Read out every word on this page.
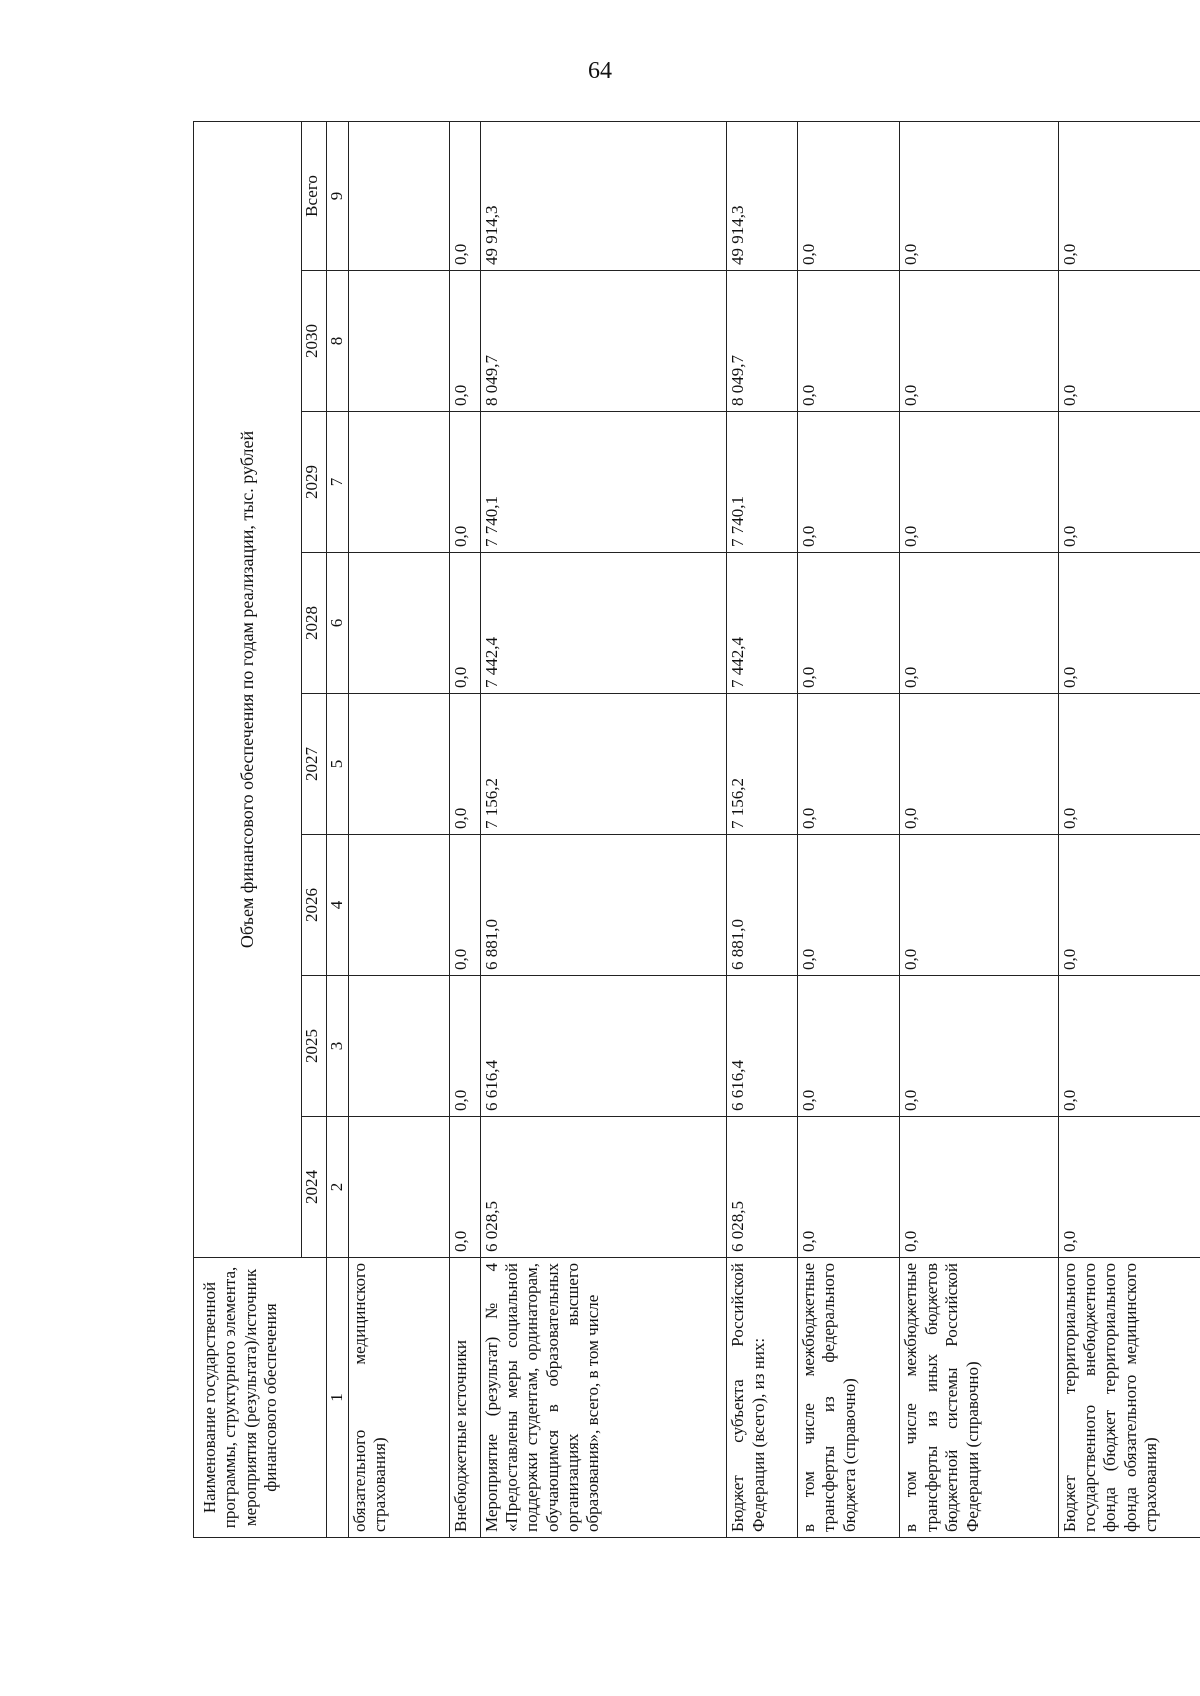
64
Наименование государственной программы, структурного элемента, мероприятия (результата)/источник финансового обеспечения	Объем финансового обеспечения по годам реализации, тыс. рублей							
	2024	2025	2026	2027	2028	2029	2030	Всего
1	2	3	4	5	6	7	8	9
обязательного медицинского страхования)								
Внебюджетные источники	0,0	0,0	0,0	0,0	0,0	0,0	0,0	0,0
Мероприятие (результат) № 4 «Предоставлены меры социальной поддержки студентам, ординаторам, обучающимся в образовательных организациях высшего образования», всего, в том числе	6 028,5	6 616,4	6 881,0	7 156,2	7 442,4	7 740,1	8 049,7	49 914,3
Бюджет субъекта Российской Федерации (всего), из них:	6 028,5	6 616,4	6 881,0	7 156,2	7 442,4	7 740,1	8 049,7	49 914,3
в том числе межбюджетные трансферты из федерального бюджета (справочно)	0,0	0,0	0,0	0,0	0,0	0,0	0,0	0,0
в том числе межбюджетные трансферты из иных бюджетов бюджетной системы Российской Федерации (справочно)	0,0	0,0	0,0	0,0	0,0	0,0	0,0	0,0
Бюджет территориального государственного внебюджетного фонда (бюджет территориального фонда обязательного медицинского страхования)	0,0	0,0	0,0	0,0	0,0	0,0	0,0	0,0
